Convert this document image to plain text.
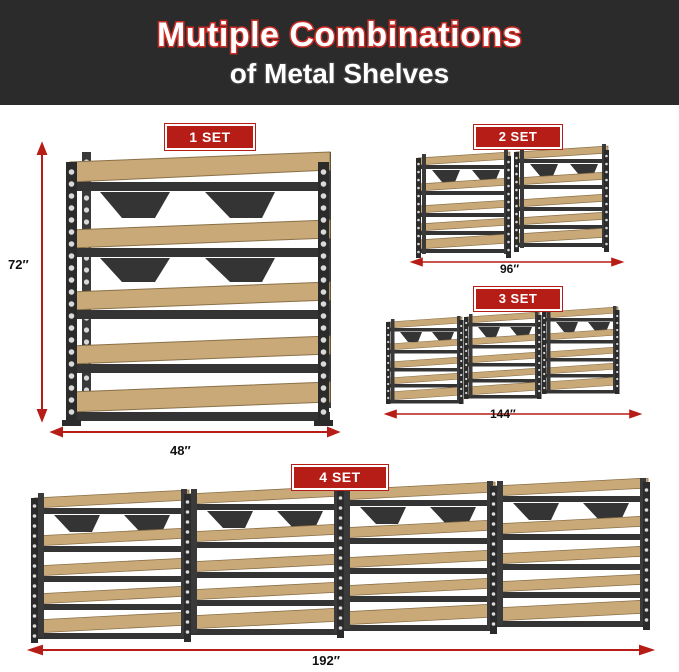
Mutiple Combinations
of Metal Shelves
1 SET
72″
48″
2 SET
96″
3 SET
144″
4 SET
192″
